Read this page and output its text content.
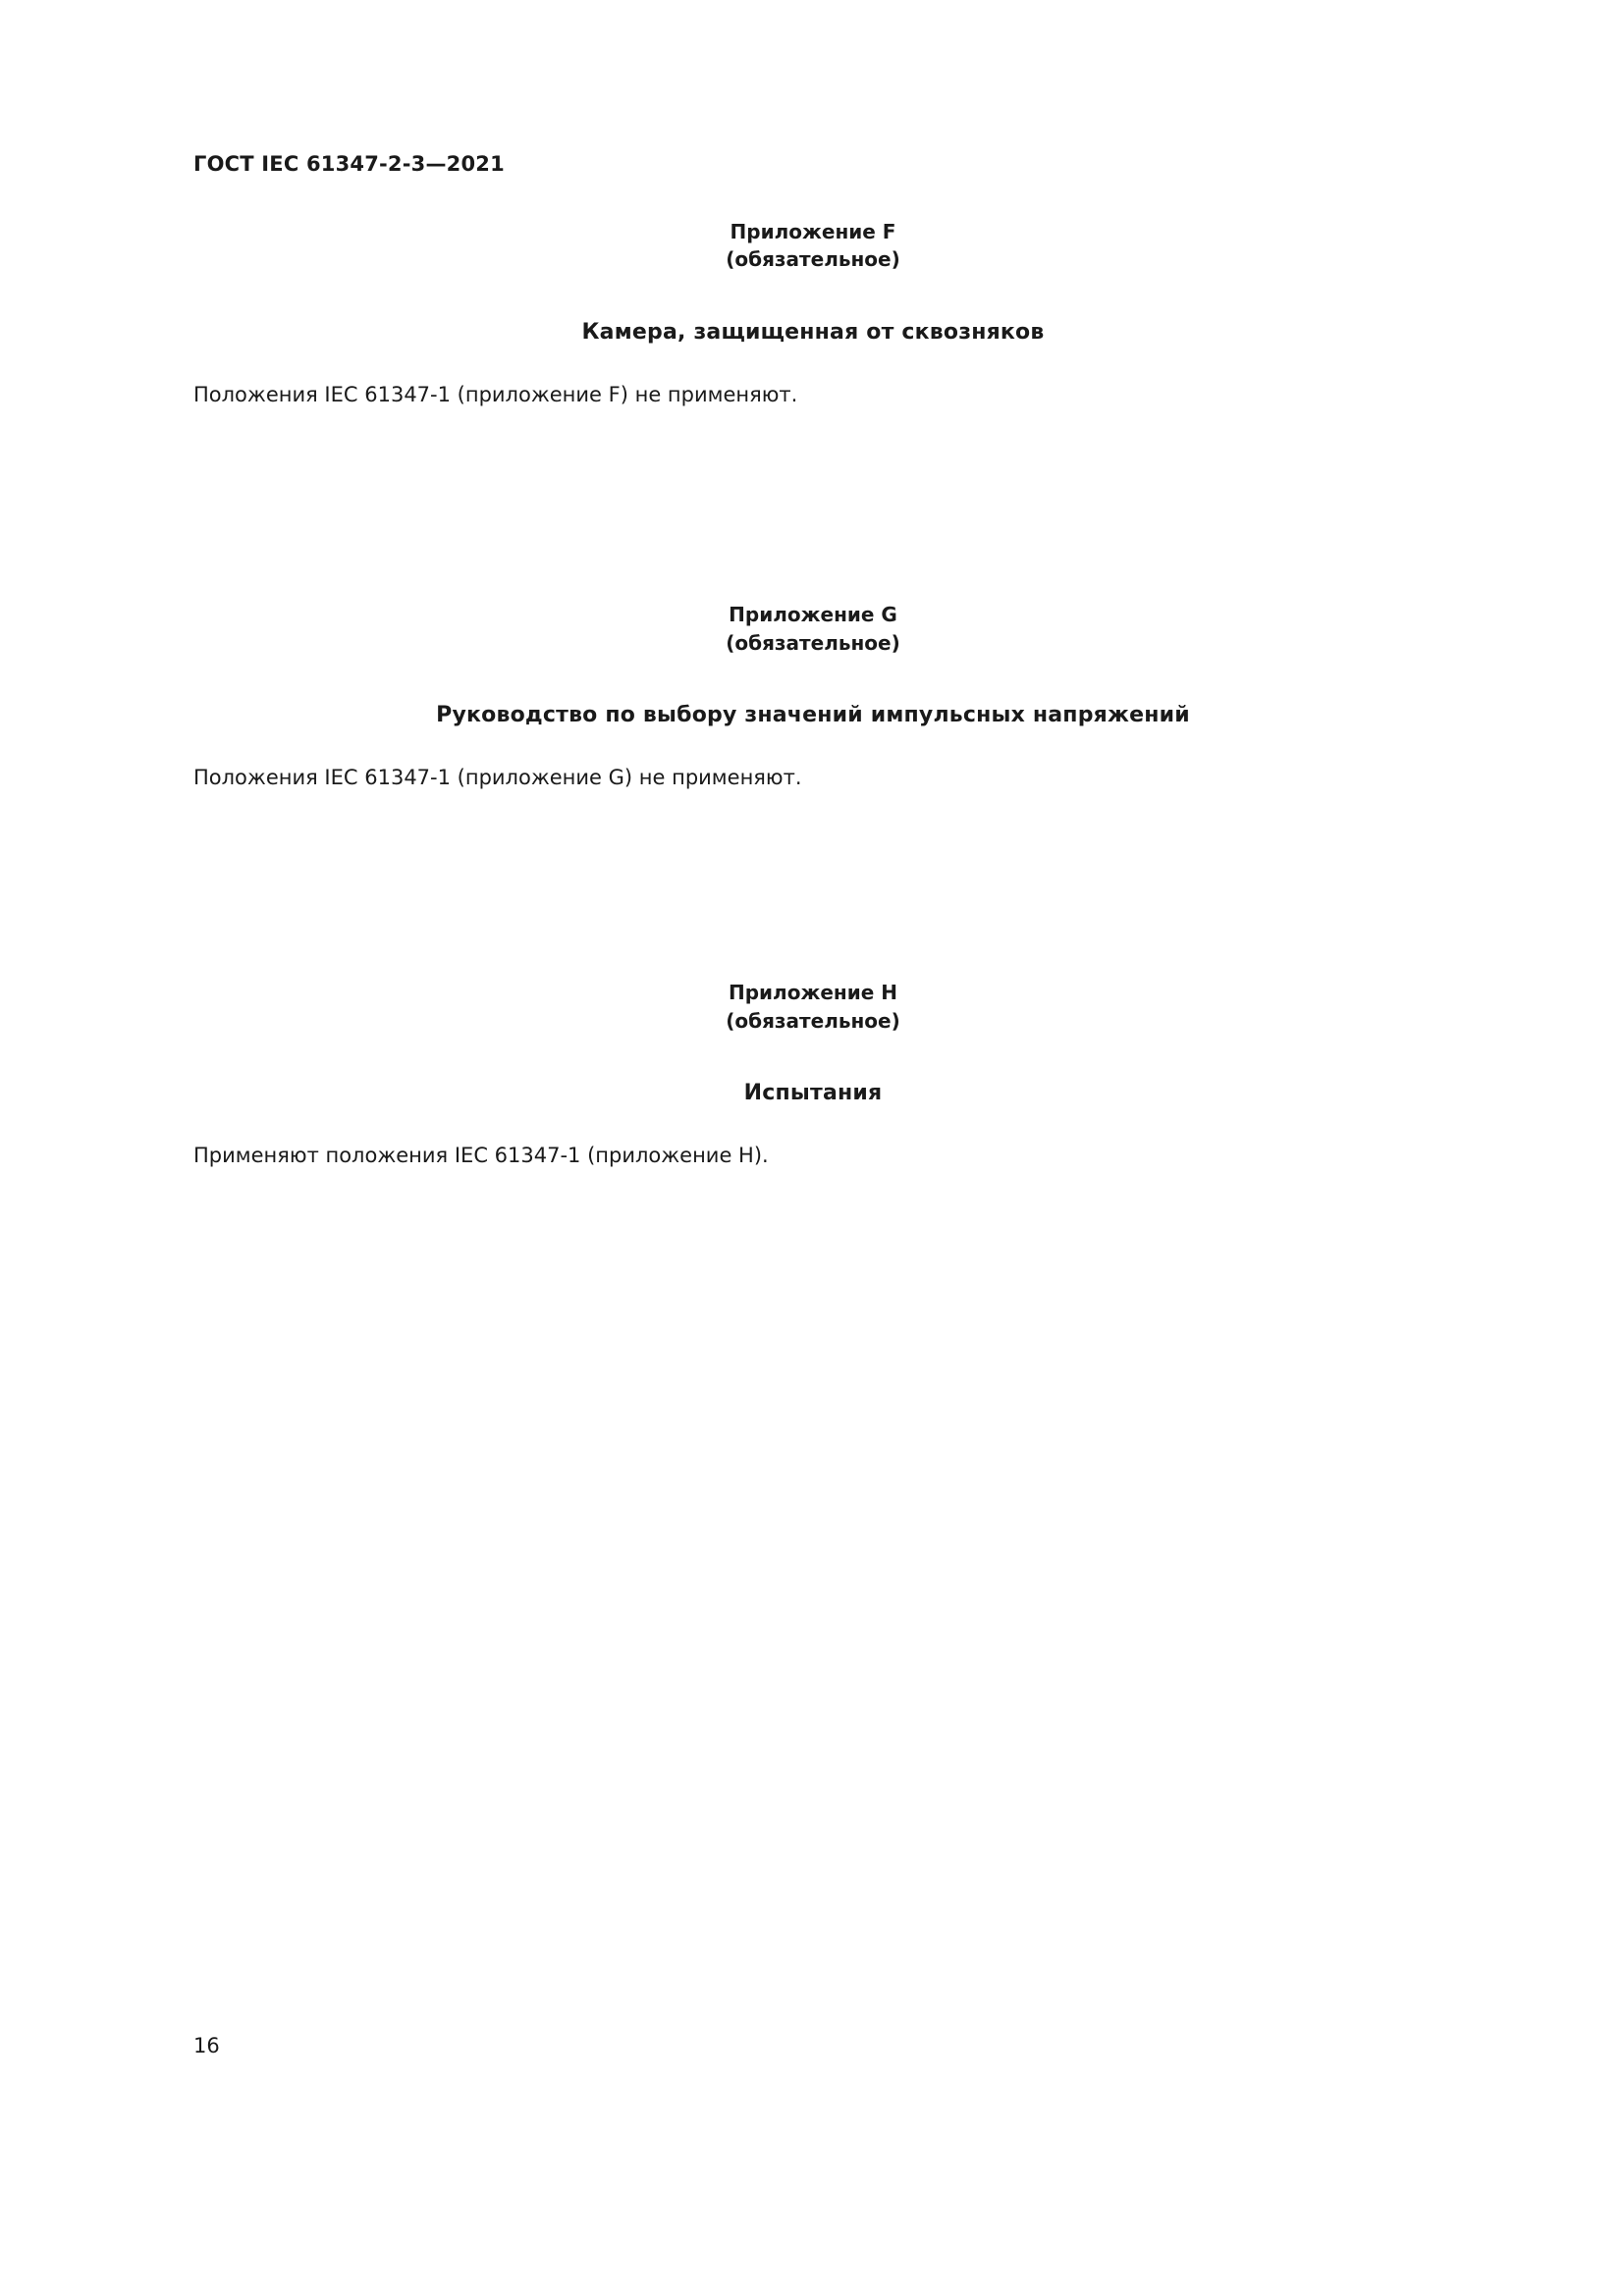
ГОСТ IEC 61347-2-3—2021
Приложение F
(обязательное)
Камера, защищенная от сквозняков
Положения IEC 61347-1 (приложение F) не применяют.
Приложение G
(обязательное)
Руководство по выбору значений импульсных напряжений
Положения IEC 61347-1 (приложение G) не применяют.
Приложение H
(обязательное)
Испытания
Применяют положения IEC 61347-1 (приложение H).
16
